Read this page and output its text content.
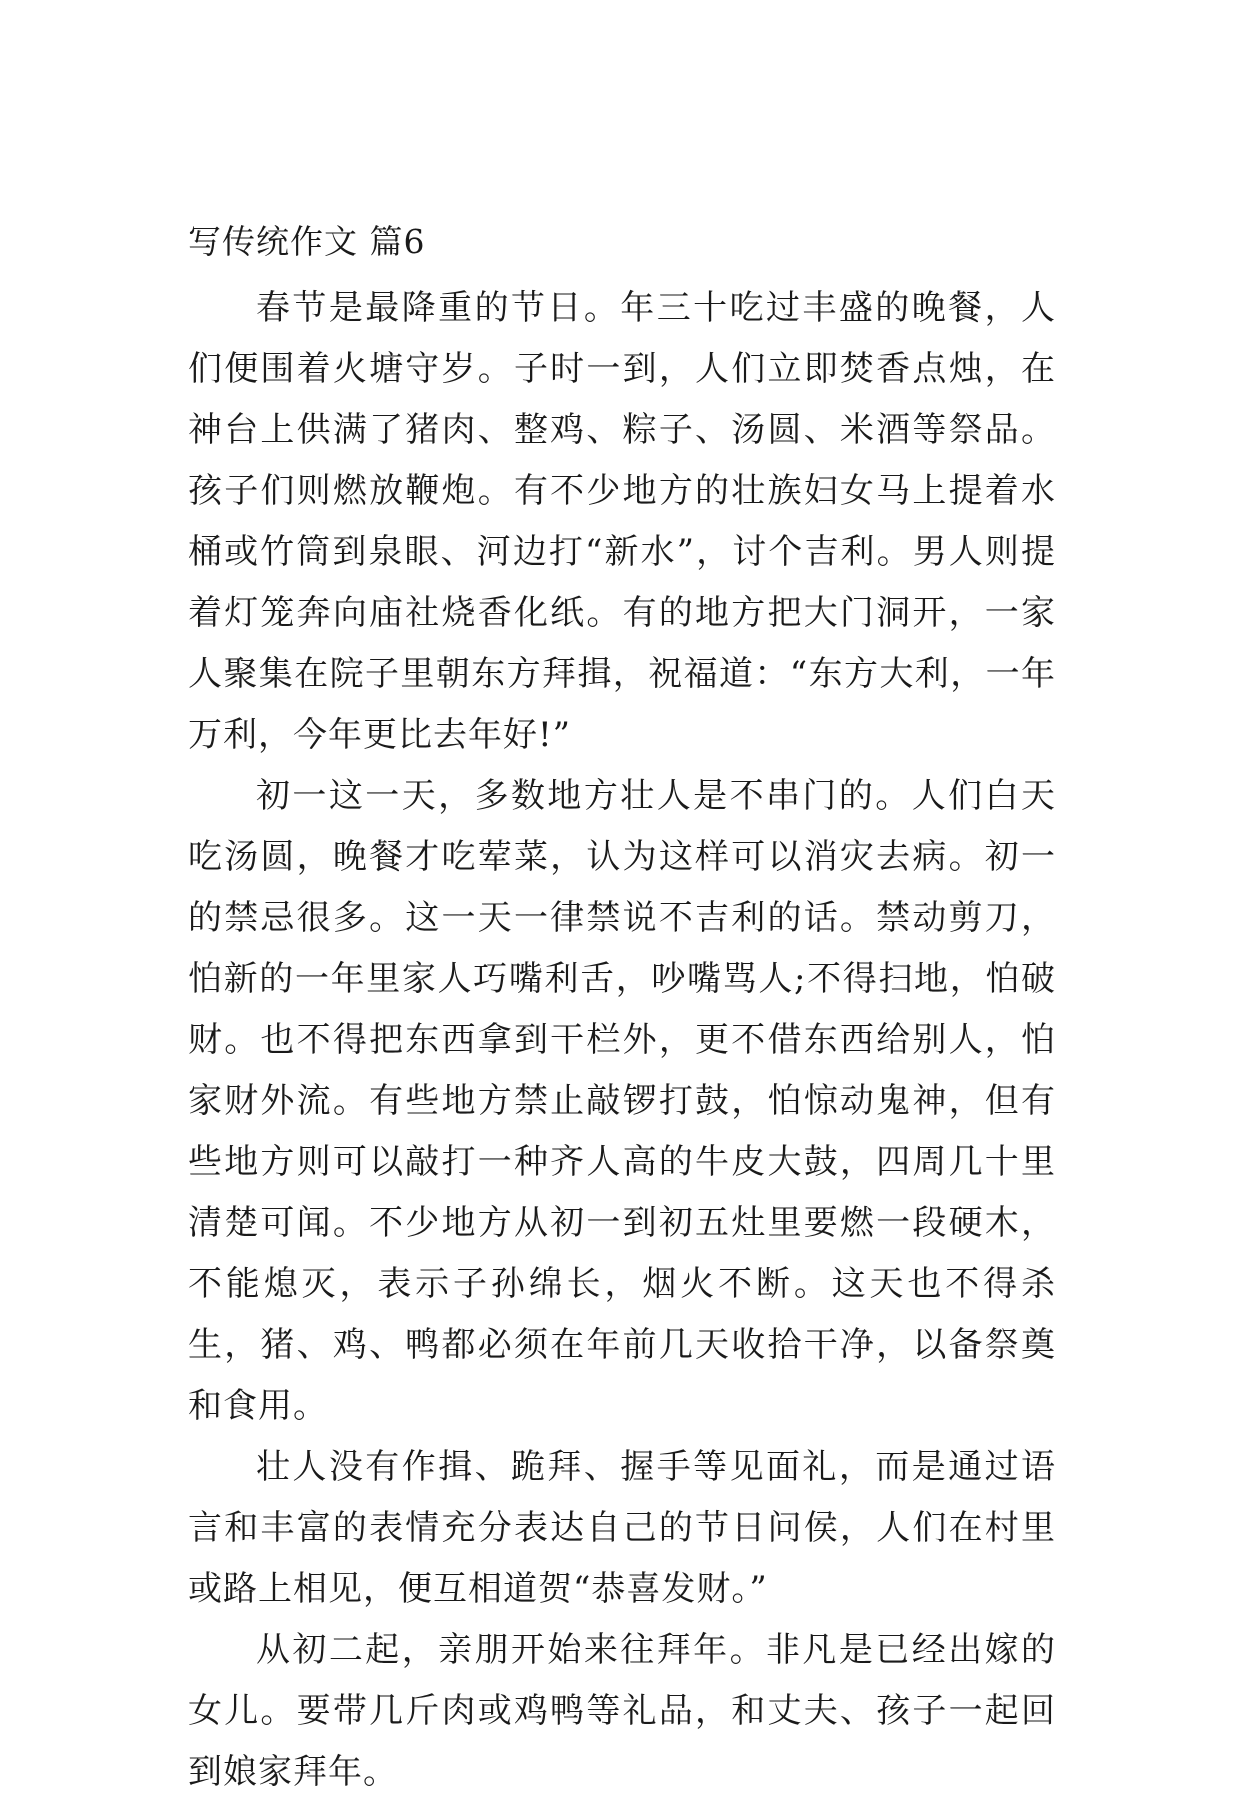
写传统作文 篇6

春节是最降重的节日。年三十吃过丰盛的晚餐，人们便围着火塘守岁。子时一到，人们立即焚香点烛，在神台上供满了猪肉、整鸡、粽子、汤圆、米酒等祭品。孩子们则燃放鞭炮。有不少地方的壮族妇女马上提着水桶或竹筒到泉眼、河边打“新水”，讨个吉利。男人则提着灯笼奔向庙社烧香化纸。有的地方把大门洞开，一家人聚集在院子里朝东方拜揖，祝福道：“东方大利，一年万利，今年更比去年好!”

初一这一天，多数地方壮人是不串门的。人们白天吃汤圆，晚餐才吃荤菜，认为这样可以消灾去病。初一的禁忌很多。这一天一律禁说不吉利的话。禁动剪刀，怕新的一年里家人巧嘴利舌，吵嘴骂人;不得扫地，怕破财。也不得把东西拿到干栏外，更不借东西给别人，怕家财外流。有些地方禁止敲锣打鼓，怕惊动鬼神，但有些地方则可以敲打一种齐人高的牛皮大鼓，四周几十里清楚可闻。不少地方从初一到初五灶里要燃一段硬木，不能熄灭，表示子孙绵长，烟火不断。这天也不得杀生，猪、鸡、鸭都必须在年前几天收拾干净，以备祭奠和食用。

壮人没有作揖、跪拜、握手等见面礼，而是通过语言和丰富的表情充分表达自己的节日问侯，人们在村里或路上相见，便互相道贺“恭喜发财。”

从初二起，亲朋开始来往拜年。非凡是已经出嫁的女儿。要带几斤肉或鸡鸭等礼品，和丈夫、孩子一起回到娘家拜年。
